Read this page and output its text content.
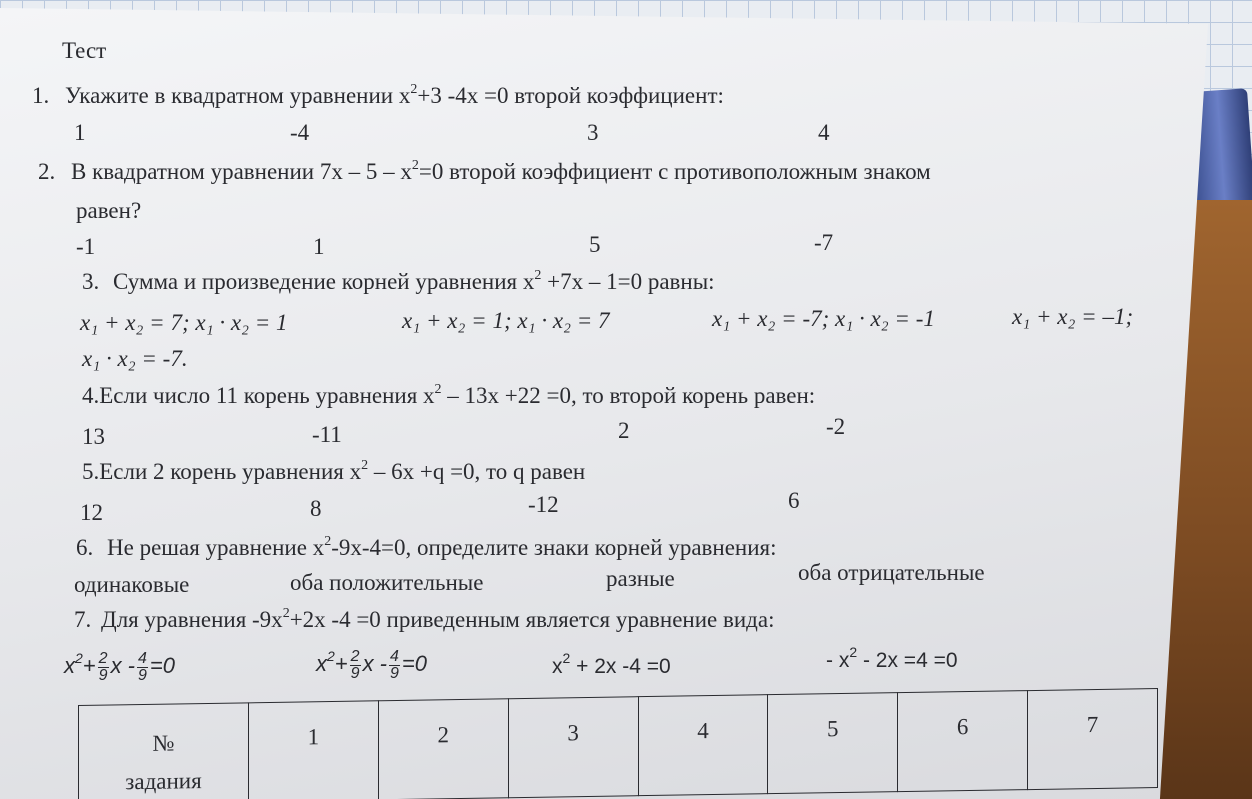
Тест
1. Укажите в квадратном уравнении $х^2+3$ -4х =0 второй коэффициент:
1	-4	3	4
2. В квадратном уравнении $7х - 5 - х^2=0$ второй коэффициент с противоположным знаком
равен?
-1	1	5	-7
3. Сумма и произведение корней уравнения $х^2 +7х - 1=0$ равны:
x₁ + x₂ = 7; x₁ · x₂ = 1	x₁ + x₂ = 1; x₁ · x₂ = 7	x₁ + x₂ = -7; x₁ · x₂ = -1	x₁ + x₂ = –1;
x₁ · x₂ = -7.
4.Если число 11 корень уравнения $х^2 - 13х +22 =0$, то второй корень равен:
13	-11	2	-2
5.Если 2 корень уравнения $х^2 - 6х +q =0$, то q равен
12	8	-12	6
6. Не решая уравнение $х^2-9х-4=0$, определите знаки корней уравнения:
одинаковые	оба положительные	разные	оба отрицательные
7. Для уравнения $-9х^2+2х$ -4 =0 приведенным является уравнение вида:
$x^2+ \frac{2}{9}$ $x - \frac{4}{9} =0$	$x^2+ \frac{2}{9}$ $x - \frac{4}{9} =0$	$x^2 + 2x$ -4 =0	- $x^2 - 2x =4 =0$
№
задания
	1	2	3	4	5	6	7
